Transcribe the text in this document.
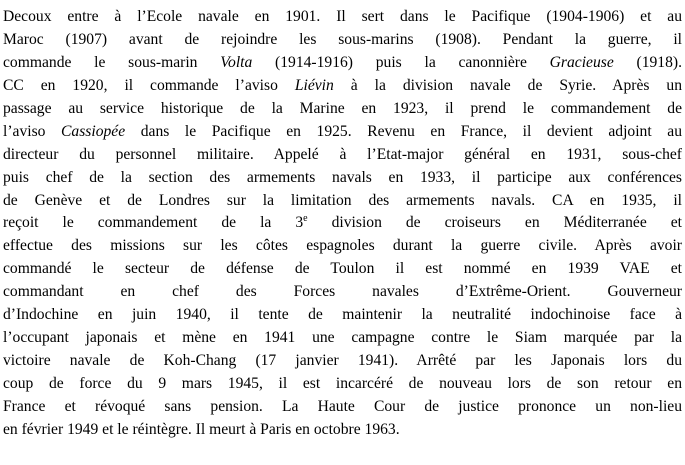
Decoux entre à l’Ecole navale en 1901. Il sert dans le Pacifique (1904-1906) et au
Maroc (1907) avant de rejoindre les sous-marins (1908). Pendant la guerre, il
commande le sous-marin Volta (1914-1916) puis la canonnière Gracieuse (1918).
CC en 1920, il commande l’aviso Liévin à la division navale de Syrie. Après un
passage au service historique de la Marine en 1923, il prend le commandement de
l’aviso Cassiopée dans le Pacifique en 1925. Revenu en France, il devient adjoint au
directeur du personnel militaire. Appelé à l’Etat-major général en 1931, sous-chef
puis chef de la section des armements navals en 1933, il participe aux conférences
de Genève et de Londres sur la limitation des armements navals. CA en 1935, il
reçoit le commandement de la 3e division de croiseurs en Méditerranée et
effectue des missions sur les côtes espagnoles durant la guerre civile. Après avoir
commandé le secteur de défense de Toulon il est nommé en 1939 VAE et
commandant en chef des Forces navales d’Extrême-Orient. Gouverneur
d’Indochine en juin 1940, il tente de maintenir la neutralité indochinoise face à
l’occupant japonais et mène en 1941 une campagne contre le Siam marquée par la
victoire navale de Koh-Chang (17 janvier 1941). Arrêté par les Japonais lors du
coup de force du 9 mars 1945, il est incarcéré de nouveau lors de son retour en
France et révoqué sans pension. La Haute Cour de justice prononce un non-lieu
en février 1949 et le réintègre. Il meurt à Paris en octobre 1963.
